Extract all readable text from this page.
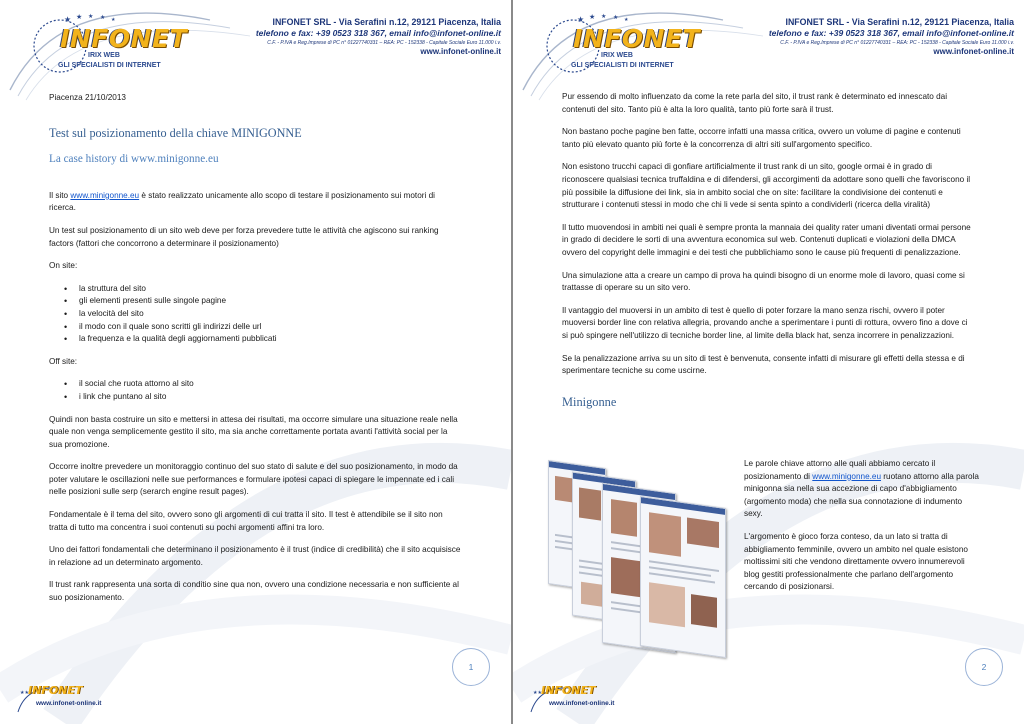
★ ★ ★ ★ ★
INFONET
IRIX WEB
GLI SPECIALISTI DI INTERNET
INFONET SRL - Via Serafini n.12, 29121 Piacenza, Italia
telefono e fax: +39 0523 318 367, email info@infonet-online.it
C.F. - P.IVA e Reg.Imprese di PC n° 01227740331 – REA: PC - 152338 - Capitale Sociale Euro 11.000 i.v.
www.infonet-online.it
Piacenza 21/10/2013
Test sul posizionamento della chiave MINIGONNE
La case history di www.minigonne.eu
Il sito www.minigonne.eu è stato realizzato unicamente allo scopo di testare il posizionamento sui motori di ricerca.
Un test sul posizionamento di un sito web deve per forza prevedere tutte le attività che agiscono sui ranking factors (fattori che concorrono a determinare il posizionamento)
On site:
• la struttura del sito
• gli elementi presenti sulle singole pagine
• la velocità del sito
• il modo con il quale sono scritti gli indirizzi delle url
• la frequenza e la qualità degli aggiornamenti pubblicati
Off site:
• il social che ruota attorno al sito
• i link che puntano al sito
Quindi non basta costruire un sito e mettersi in attesa dei risultati, ma occorre simulare una situazione reale nella quale non venga semplicemente gestito il sito, ma sia anche correttamente portata avanti l'attività social per la sua promozione.
Occorre inoltre prevedere un monitoraggio continuo del suo stato di salute e del suo posizionamento, in modo da poter valutare le oscillazioni nelle sue performances e formulare ipotesi capaci di spiegare le impennate ed i cali nelle posizioni sulle serp (serarch engine result pages).
Fondamentale è il tema del sito, ovvero sono gli argomenti di cui tratta il sito. Il test è attendibile se il sito non tratta di tutto ma concentra i suoi contenuti su pochi argomenti affini tra loro.
Uno dei fattori fondamentali che determinano il posizionamento è il trust (indice di credibilità) che il sito acquisisce in relazione ad un determinato argomento.
Il trust rank rappresenta una sorta di conditio sine qua non, ovvero una condizione necessaria e non sufficiente al suo posizionamento.
1
★★ INFONET
www.infonet-online.it
★ ★ ★ ★ ★
INFONET
IRIX WEB
GLI SPECIALISTI DI INTERNET
INFONET SRL - Via Serafini n.12, 29121 Piacenza, Italia
telefono e fax: +39 0523 318 367, email info@infonet-online.it
C.F. - P.IVA e Reg.Imprese di PC n° 01227740331 – REA: PC - 152338 - Capitale Sociale Euro 11.000 i.v.
www.infonet-online.it
Pur essendo di molto influenzato da come la rete parla del sito, il trust rank è determinato ed innescato dai contenuti del sito. Tanto più è alta la loro qualità, tanto più forte sarà il trust.
Non bastano poche pagine ben fatte, occorre infatti una massa critica, ovvero un volume di pagine e contenuti tanto più elevato quanto più forte è la concorrenza di altri siti sull'argomento specifico.
Non esistono trucchi capaci di gonfiare artificialmente il trust rank di un sito, google ormai è in grado di riconoscere qualsiasi tecnica truffaldina e di difendersi, gli accorgimenti da adottare sono quelli che favoriscono il più possibile la diffusione dei link, sia in ambito social che on site: facilitare la condivisione dei contenuti e strutturare i contenuti stessi in modo che chi li vede si senta spinto a condividerli (ricerca della viralità)
Il tutto muovendosi in ambiti nei quali è sempre pronta la mannaia dei quality rater umani diventati ormai persone in grado di decidere le sorti di una avventura economica sul web. Contenuti duplicati e violazioni della DMCA ovvero del copyright delle immagini e dei testi che pubblichiamo sono le cause più frequenti di penalizzazione.
Una simulazione atta a creare un campo di prova ha quindi bisogno di un enorme mole di lavoro, quasi come si trattasse di operare su un sito vero.
Il vantaggio del muoversi in un ambito di test è quello di poter forzare la mano senza rischi, ovvero il poter muoversi border line con relativa allegria, provando anche a sperimentare i punti di rottura, ovvero fino a dove ci si può spingere nell'utilizzo di tecniche border line, al limite della black hat, senza incorrere in penalizzazioni.
Se la penalizzazione arriva su un sito di test è benvenuta, consente infatti di misurare gli effetti della stessa e di sperimentare tecniche su come uscirne.
Minigonne
Le parole chiave attorno alle quali abbiamo cercato il posizionamento di www.minigonne.eu ruotano attorno alla parola minigonna sia nella sua accezione di capo d'abbigliamento (argomento moda) che nella sua connotazione di indumento sexy.
L'argomento è gioco forza conteso, da un lato si tratta di abbigliamento femminile, ovvero un ambito nel quale esistono moltissimi siti che vendono direttamente ovvero innumerevoli blog gestiti professionalmente che parlano dell'argomento cercando di posizionarsi.
2
★★ INFONET
www.infonet-online.it
